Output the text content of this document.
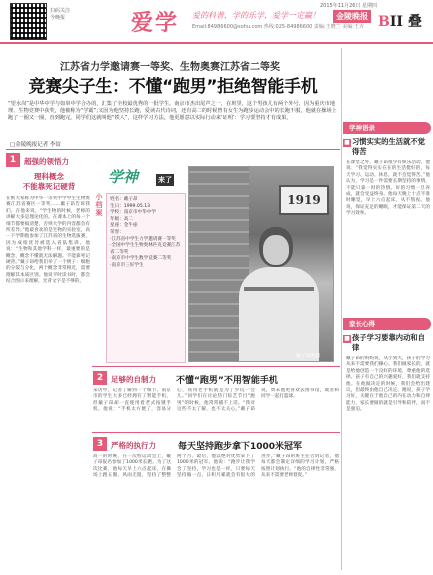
扫码关注
今晚报	爱学 爱的科普，学的乐学，爱学一定赢！
Email:84986600@sohu.com 热线:025-84986600 责编:王晓兰 美编:王卉
2015年11月26日 星期四
金陵晚报 BII 叠
江苏省力学邀请赛一等奖、生物奥赛江苏省二等奖
竞赛尖子生：不懂“跑男”拒绝智能手机
“望水岗”是中华中学与如皋中学合办的，汇集了全校最优秀的一批学生。南京市杰出尾声之一，在班里，这个男孩儿有两个外号，因为重庆市地理、生物竞赛中获奖，他被称为“学霸”;又因为他坚持长跑，爱读古代诗词，还有高二的时候曾有女生为跑步运动会中的长跑不服，他就在操场上跑了一圈又一圈，直到跑完。同学们这就叫他“铁人”，这样学习方法，他更愿意以实际行动来‘证明’：学习要坚持才有成果。
□金陵晚报记者 李谊
1	超强的领悟力
理科概念
不能靠死记硬背
在被大家称为中华一等奖中学中生生物奥赛江苏省赛区一等奖……戴子昂告诉我们，在他来说，“学生物的时候，老师的讲解大多是理论化的。在课本上的每一个细节都要搞清楚，否则大学的内容都会有所差异。”他最喜欢的是生物的实验室。高一下学期他参加了江苏省的生物选拔赛，因为成绩优异被选入省队集训。他说：“生物和其他学科一样，最重要的是概念，概念不懂就无法解题。不能靠死记硬背。”戴子昂给我们举了一个例子：细胞的分裂与分化，两个概念非常相近，需要理解其本质区别。他说平时读书时，都会结合图示来理解，光背文字是不够的。
学神	来了
小档案
姓名：戴子昂
生日：1999.05.13
学校：南京市中华中学
年级：高二
星座：金牛座
荣誉：
·江苏省中学生力学邀请赛一等奖
·全国中学生生物奥林匹克竞赛江苏省二等奖
·南京市中学生数学竞赛二等奖
·南京市三好学生
1919
戴子昂供图
2	足够的自制力 不懂“跑男”不用智能手机
采访中，记者了解到一个细节，南京市的学生大多已经拥有了智能手机，但戴子昂却一直使用着老式按键手机。他说：“手机太方便了，容易分心，我用老手机就是为了少玩一会儿。”同学们在讨论热门综艺节目“跑男”的时候，他常常插不上话。“我对这些不太了解，也不太关心。”戴子昂说，周末他更喜欢去图书馆，或者和同学一起打篮球。
3	严格的执行力 每天坚持跑步拿下1000米冠军
高一的时候，在一次校运动会上，戴子昂报名参加了1000米长跑。为了这次比赛，他每天早上六点起床，在操场上跑五圈，风雨无阻，坚持了整整两个月。最后，他以绝对优势拿下了1000米的冠军。他说：“跑步让我学会了坚持，学习也是一样，只要每天坚持做一点，日积月累就会有很大的进步。”戴子昂的班主任告诉记者，他每天都会制定详细的学习计划，严格按照计划执行。“他的自律性非常强，从来不需要老师督促。”
学神语录
■ 习惯实实的生活就不觉得苦
在课堂之外，戴子昂很少有娱乐活动。他说：“我觉得实实在在的生活挺好的，每天学习、运动、休息，就不会觉得苦。”他认为，学习是一件需要长期坚持的事情，不能只靠一时的热情。好的习惯一旦养成，就会受益终身。他每天晚上十点半准时睡觉，早上六点起床，从不熬夜。他说，保证充足的睡眠，才能保证第二天的学习效率。
家长心得
■ 孩子学习要靠内动和自律
戴子昂的妈妈说，从小到大，孩子的学习从来不需要我们操心。我们做家长的，就是给他创造一个良好的环境，尊重他的选择。孩子有自己的兴趣爱好，我们就支持他。在他做决定的时候，我们会给出建议，但最终由他自己决定。她说，孩子学习好，关键在于他自己的内在动力和自律能力，家长要做的就是引导和陪伴，而不是强迫。
